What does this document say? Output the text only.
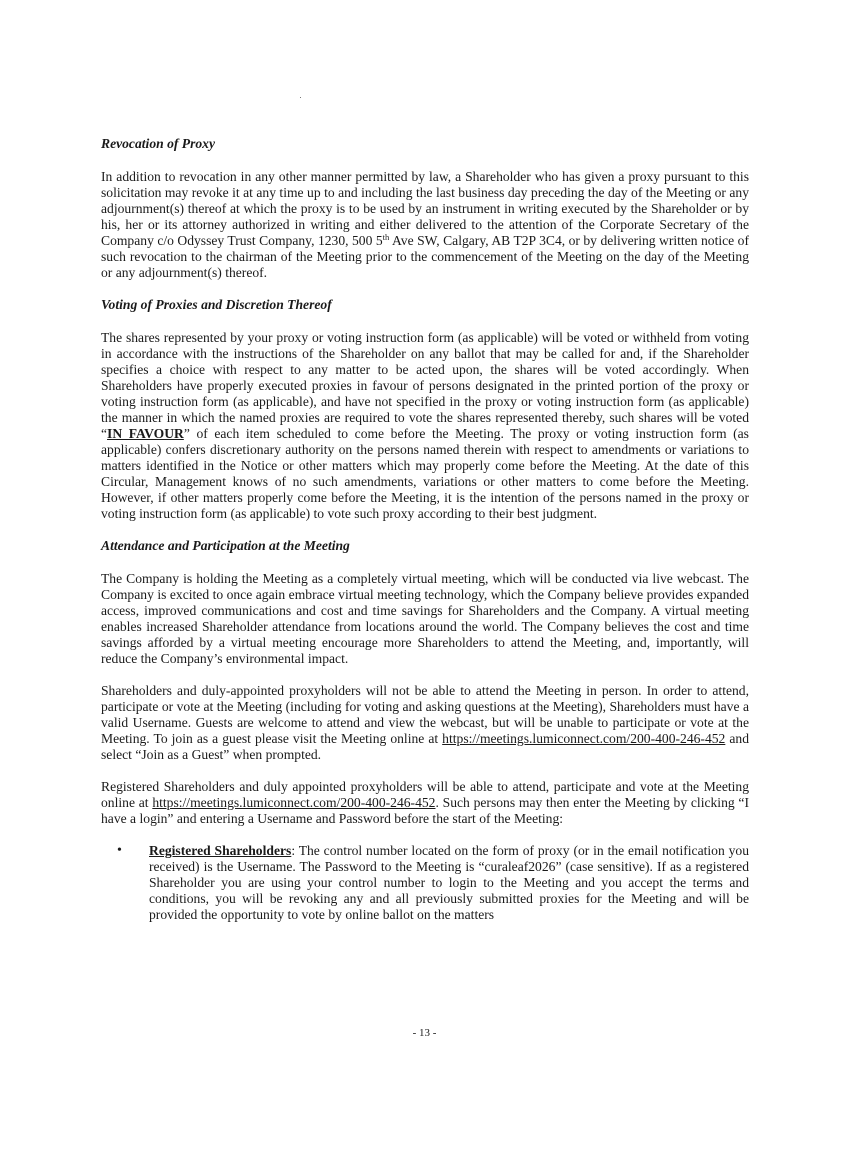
Revocation of Proxy

In addition to revocation in any other manner permitted by law, a Shareholder who has given a proxy pursuant to this solicitation may revoke it at any time up to and including the last business day preceding the day of the Meeting or any adjournment(s) thereof at which the proxy is to be used by an instrument in writing executed by the Shareholder or by his, her or its attorney authorized in writing and either delivered to the attention of the Corporate Secretary of the Company c/o Odyssey Trust Company, 1230, 500 5th Ave SW, Calgary, AB T2P 3C4, or by delivering written notice of such revocation to the chairman of the Meeting prior to the commencement of the Meeting on the day of the Meeting or any adjournment(s) thereof.

Voting of Proxies and Discretion Thereof

The shares represented by your proxy or voting instruction form (as applicable) will be voted or withheld from voting in accordance with the instructions of the Shareholder on any ballot that may be called for and, if the Shareholder specifies a choice with respect to any matter to be acted upon, the shares will be voted accordingly. When Shareholders have properly executed proxies in favour of persons designated in the printed portion of the proxy or voting instruction form (as applicable), and have not specified in the proxy or voting instruction form (as applicable) the manner in which the named proxies are required to vote the shares represented thereby, such shares will be voted “IN FAVOUR” of each item scheduled to come before the Meeting. The proxy or voting instruction form (as applicable) confers discretionary authority on the persons named therein with respect to amendments or variations to matters identified in the Notice or other matters which may properly come before the Meeting. At the date of this Circular, Management knows of no such amendments, variations or other matters to come before the Meeting. However, if other matters properly come before the Meeting, it is the intention of the persons named in the proxy or voting instruction form (as applicable) to vote such proxy according to their best judgment.

Attendance and Participation at the Meeting

The Company is holding the Meeting as a completely virtual meeting, which will be conducted via live webcast. The Company is excited to once again embrace virtual meeting technology, which the Company believe provides expanded access, improved communications and cost and time savings for Shareholders and the Company. A virtual meeting enables increased Shareholder attendance from locations around the world. The Company believes the cost and time savings afforded by a virtual meeting encourage more Shareholders to attend the Meeting, and, importantly, will reduce the Company’s environmental impact.

Shareholders and duly-appointed proxyholders will not be able to attend the Meeting in person. In order to attend, participate or vote at the Meeting (including for voting and asking questions at the Meeting), Shareholders must have a valid Username. Guests are welcome to attend and view the webcast, but will be unable to participate or vote at the Meeting. To join as a guest please visit the Meeting online at https://meetings.lumiconnect.com/200-400-246-452 and select “Join as a Guest” when prompted.

Registered Shareholders and duly appointed proxyholders will be able to attend, participate and vote at the Meeting online at https://meetings.lumiconnect.com/200-400-246-452. Such persons may then enter the Meeting by clicking “I have a login” and entering a Username and Password before the start of the Meeting:

• Registered Shareholders: The control number located on the form of proxy (or in the email notification you received) is the Username. The Password to the Meeting is “curaleaf2026” (case sensitive). If as a registered Shareholder you are using your control number to login to the Meeting and you accept the terms and conditions, you will be revoking any and all previously submitted proxies for the Meeting and will be provided the opportunity to vote by online ballot on the matters
- 13 -
